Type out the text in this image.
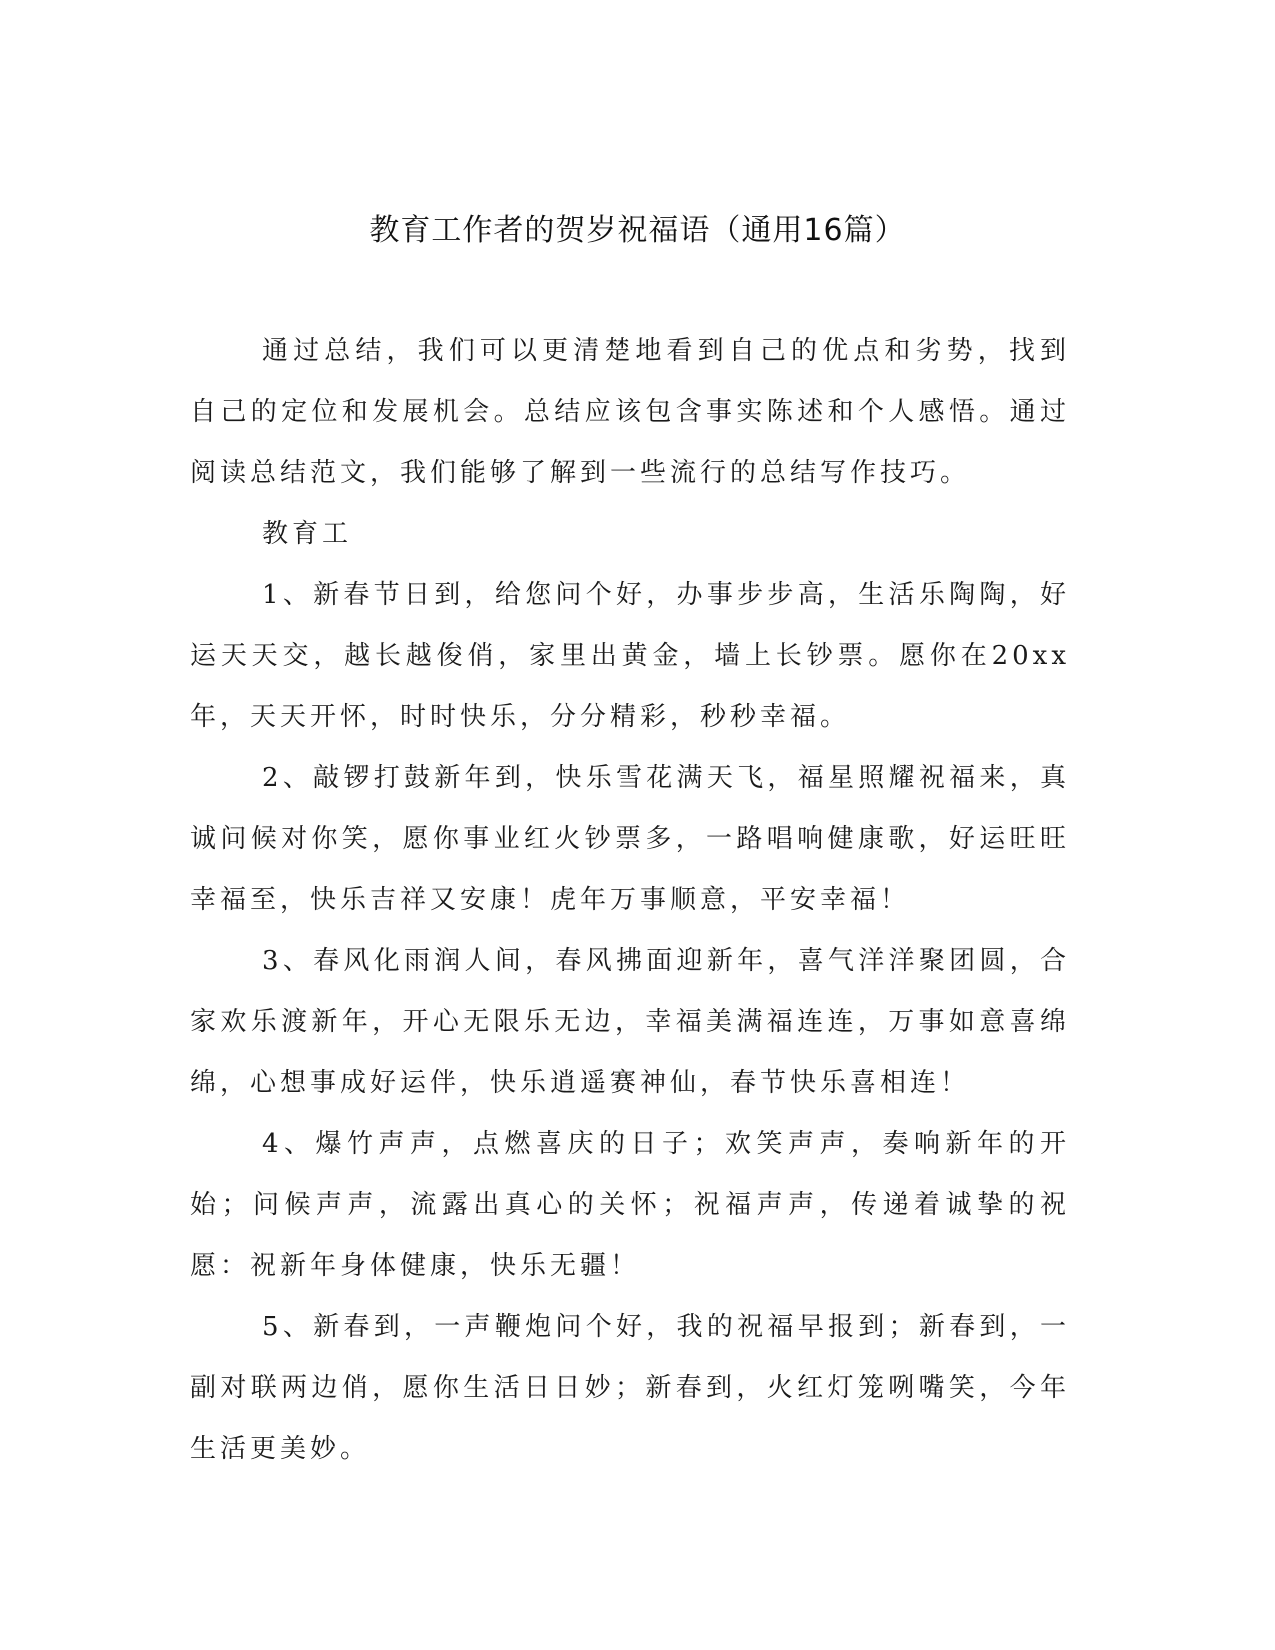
教育工作者的贺岁祝福语（通用16篇）

通过总结，我们可以更清楚地看到自己的优点和劣势，找到自己的定位和发展机会。总结应该包含事实陈述和个人感悟。通过阅读总结范文，我们能够了解到一些流行的总结写作技巧。

教育工

1、新春节日到，给您问个好，办事步步高，生活乐陶陶，好运天天交，越长越俊俏，家里出黄金，墙上长钞票。愿你在20xx年，天天开怀，时时快乐，分分精彩，秒秒幸福。

2、敲锣打鼓新年到，快乐雪花满天飞，福星照耀祝福来，真诚问候对你笑，愿你事业红火钞票多，一路唱响健康歌，好运旺旺幸福至，快乐吉祥又安康！虎年万事顺意，平安幸福！

3、春风化雨润人间，春风拂面迎新年，喜气洋洋聚团圆，合家欢乐渡新年，开心无限乐无边，幸福美满福连连，万事如意喜绵绵，心想事成好运伴，快乐逍遥赛神仙，春节快乐喜相连！

4、爆竹声声，点燃喜庆的日子；欢笑声声，奏响新年的开始；问候声声，流露出真心的关怀；祝福声声，传递着诚挚的祝愿：祝新年身体健康，快乐无疆！

5、新春到，一声鞭炮问个好，我的祝福早报到；新春到，一副对联两边俏，愿你生活日日妙；新春到，火红灯笼咧嘴笑，今年生活更美妙。
